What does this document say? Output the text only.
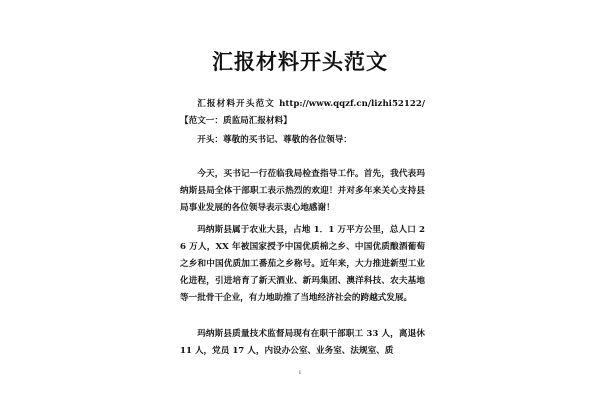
汇报材料开头范文

汇报材料开头范文 http://www.qqzf.cn/lizhi52122/【范文一：质监局汇报材料】

开头：尊敬的买书记、尊敬的各位领导：

今天，买书记一行莅临我局检查指导工作。首先，我代表玛纳斯县局全体干部职工表示热烈的欢迎！并对多年来关心支持县局事业发展的各位领导表示衷心地感谢！

玛纳斯县属于农业大县，占地 1．1 万平方公里，总人口 26 万人，XX 年被国家授予中国优质棉之乡、中国优质酿酒葡萄之乡和中国优质加工番茄之乡称号。近年来，大力推进新型工业化进程，引进培育了新天酒业、新玛集团、澳洋科技、农夫基地等一批骨干企业，有力地助推了当地经济社会的跨越式发展。

玛纳斯县质量技术监督局现有在职干部职工 33 人，离退休 11 人，党员 17 人，内设办公室、业务室、法规室、质

1
